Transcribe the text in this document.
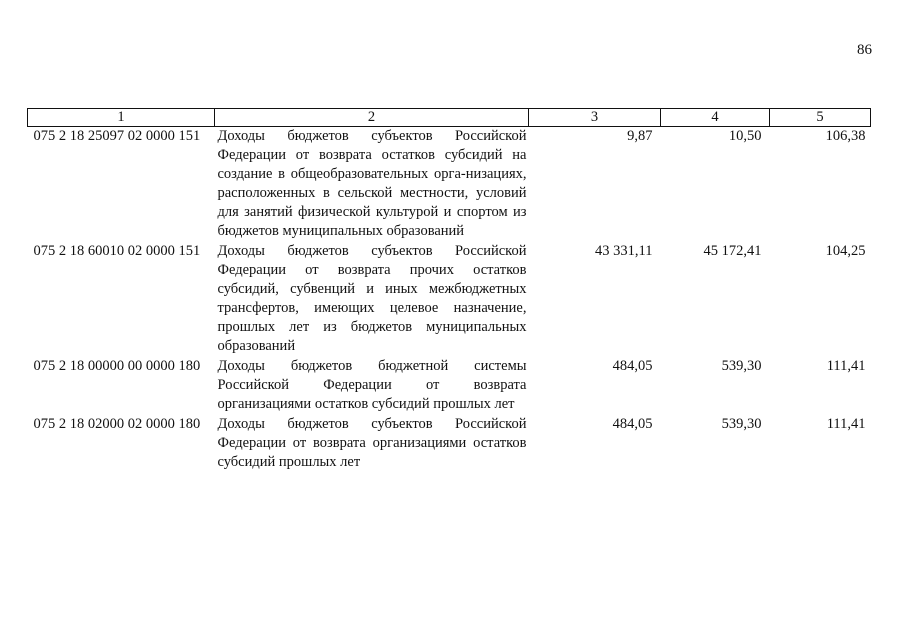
86
1	2	3	4	5
075 2 18 25097 02 0000 151	Доходы бюджетов субъектов Российской Федерации от возврата остатков субсидий на создание в общеобразовательных орга-низациях, расположенных в сельской местности, условий для занятий физической культурой и спортом из бюджетов муниципальных образований	9,87	10,50	106,38
075 2 18 60010 02 0000 151	Доходы бюджетов субъектов Российской Федерации от возврата прочих остатков субсидий, субвенций и иных межбюджетных трансфертов, имеющих целевое назначение, прошлых лет из бюджетов муниципальных образований	43 331,11	45 172,41	104,25
075 2 18 00000 00 0000 180	Доходы бюджетов бюджетной системы Российской Федерации от возврата организациями остатков субсидий прошлых лет	484,05	539,30	111,41
075 2 18 02000 02 0000 180	Доходы бюджетов субъектов Российской Федерации от возврата организациями остатков субсидий прошлых лет	484,05	539,30	111,41
